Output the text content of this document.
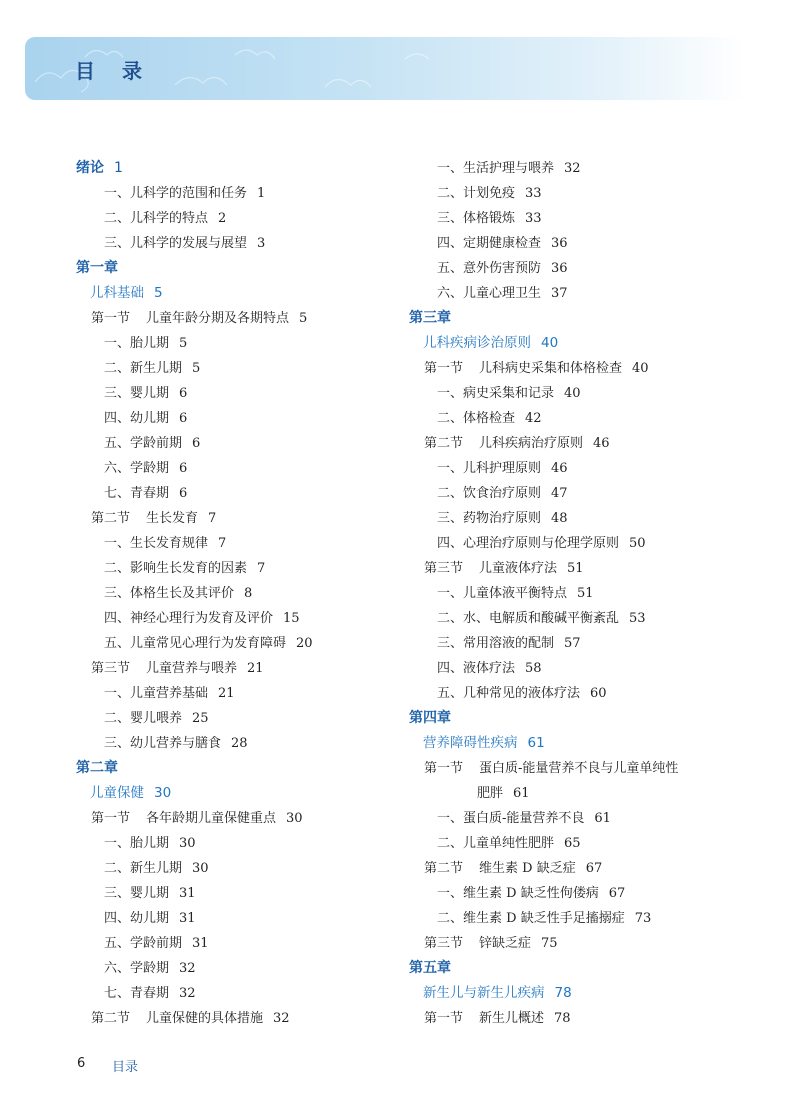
目 录
绪论 1
一、儿科学的范围和任务 1
二、儿科学的特点 2
三、儿科学的发展与展望 3
第一章
儿科基础 5
第一节 儿童年龄分期及各期特点 5
一、胎儿期 5
二、新生儿期 5
三、婴儿期 6
四、幼儿期 6
五、学龄前期 6
六、学龄期 6
七、青春期 6
第二节 生长发育 7
一、生长发育规律 7
二、影响生长发育的因素 7
三、体格生长及其评价 8
四、神经心理行为发育及评价 15
五、儿童常见心理行为发育障碍 20
第三节 儿童营养与喂养 21
一、儿童营养基础 21
二、婴儿喂养 25
三、幼儿营养与膳食 28
第二章
儿童保健 30
第一节 各年龄期儿童保健重点 30
一、胎儿期 30
二、新生儿期 30
三、婴儿期 31
四、幼儿期 31
五、学龄前期 31
六、学龄期 32
七、青春期 32
第二节 儿童保健的具体措施 32
一、生活护理与喂养 32
二、计划免疫 33
三、体格锻炼 33
四、定期健康检查 36
五、意外伤害预防 36
六、儿童心理卫生 37
第三章
儿科疾病诊治原则 40
第一节 儿科病史采集和体格检查 40
一、病史采集和记录 40
二、体格检查 42
第二节 儿科疾病治疗原则 46
一、儿科护理原则 46
二、饮食治疗原则 47
三、药物治疗原则 48
四、心理治疗原则与伦理学原则 50
第三节 儿童液体疗法 51
一、儿童体液平衡特点 51
二、水、电解质和酸碱平衡紊乱 53
三、常用溶液的配制 57
四、液体疗法 58
五、几种常见的液体疗法 60
第四章
营养障碍性疾病 61
第一节 蛋白质-能量营养不良与儿童单纯性
肥胖 61
一、蛋白质-能量营养不良 61
二、儿童单纯性肥胖 65
第二节 维生素 D 缺乏症 67
一、维生素 D 缺乏性佝偻病 67
二、维生素 D 缺乏性手足搐搦症 73
第三节 锌缺乏症 75
第五章
新生儿与新生儿疾病 78
第一节 新生儿概述 78
6 目录
